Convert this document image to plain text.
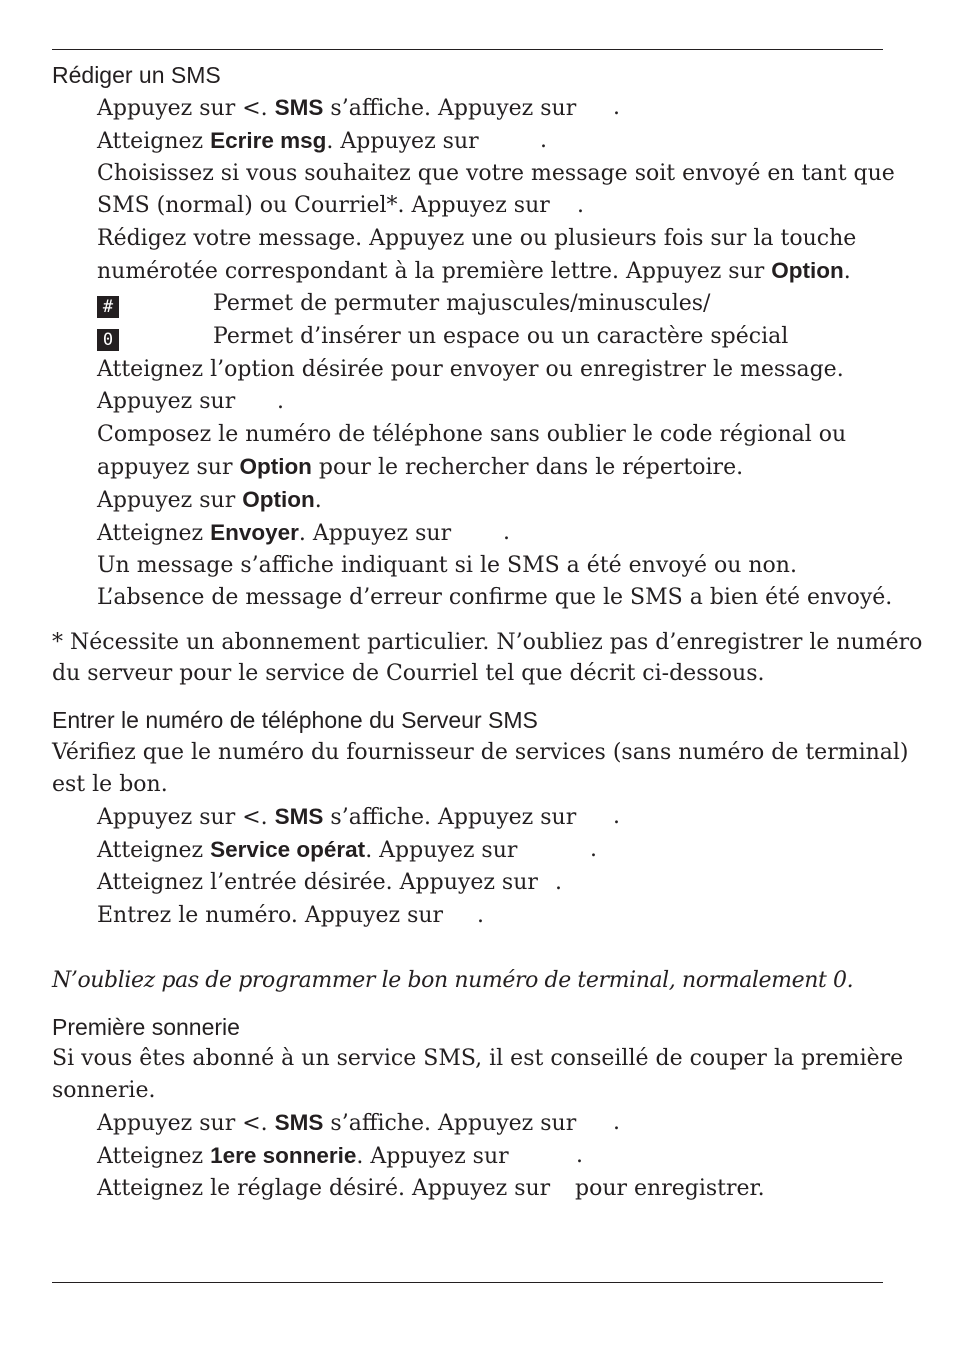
Rédiger un SMS
Appuyez sur <. SMS s’affiche. Appuyez sur .
Atteignez Ecrire msg. Appuyez sur	.
Choisissez si vous souhaitez que votre message soit envoyé en tant que
SMS (normal) ou Courriel*. Appuyez sur .
Rédigez votre message. Appuyez une ou plusieurs fois sur la touche
numérotée correspondant à la première lettre. Appuyez sur Option.
#	Permet de permuter majuscules/minuscules /
0	Permet d’insérer un espace ou un caractère spécial
Atteignez l’option désirée pour envoyer ou enregistrer le message.
Appuyez sur .
Composez le numéro de téléphone sans oublier le code régional ou
appuyez sur Option pour le rechercher dans le répertoire.
Appuyez sur Option.
Atteignez Envoyer. Appuyez sur .
Un message s’affiche indiquant si le SMS a été envoyé ou non.
L’absence de message d’erreur confirme que le SMS a bien été envoyé.
* Nécessite un abonnement particulier. N’oubliez pas d’enregistrer le numéro
du serveur pour le service de Courriel tel que décrit ci-dessous.
Entrer le numéro de téléphone du Serveur SMS
Vérifiez que le numéro du fournisseur de services (sans numéro de terminal)
est le bon.
Appuyez sur <. SMS s’affiche. Appuyez sur .
Atteignez Service opérat. Appuyez sur	.
Atteignez l’entrée désirée. Appuyez sur .
Entrez le numéro. Appuyez sur .
N’oubliez pas de programmer le bon numéro de terminal, normalement 0.
Première sonnerie
Si vous êtes abonné à un service SMS, il est conseillé de couper la première
sonnerie.
Appuyez sur <. SMS s’affiche. Appuyez sur .
Atteignez 1ere sonnerie. Appuyez sur	.
Atteignez le réglage désiré. Appuyez sur pour enregistrer.
